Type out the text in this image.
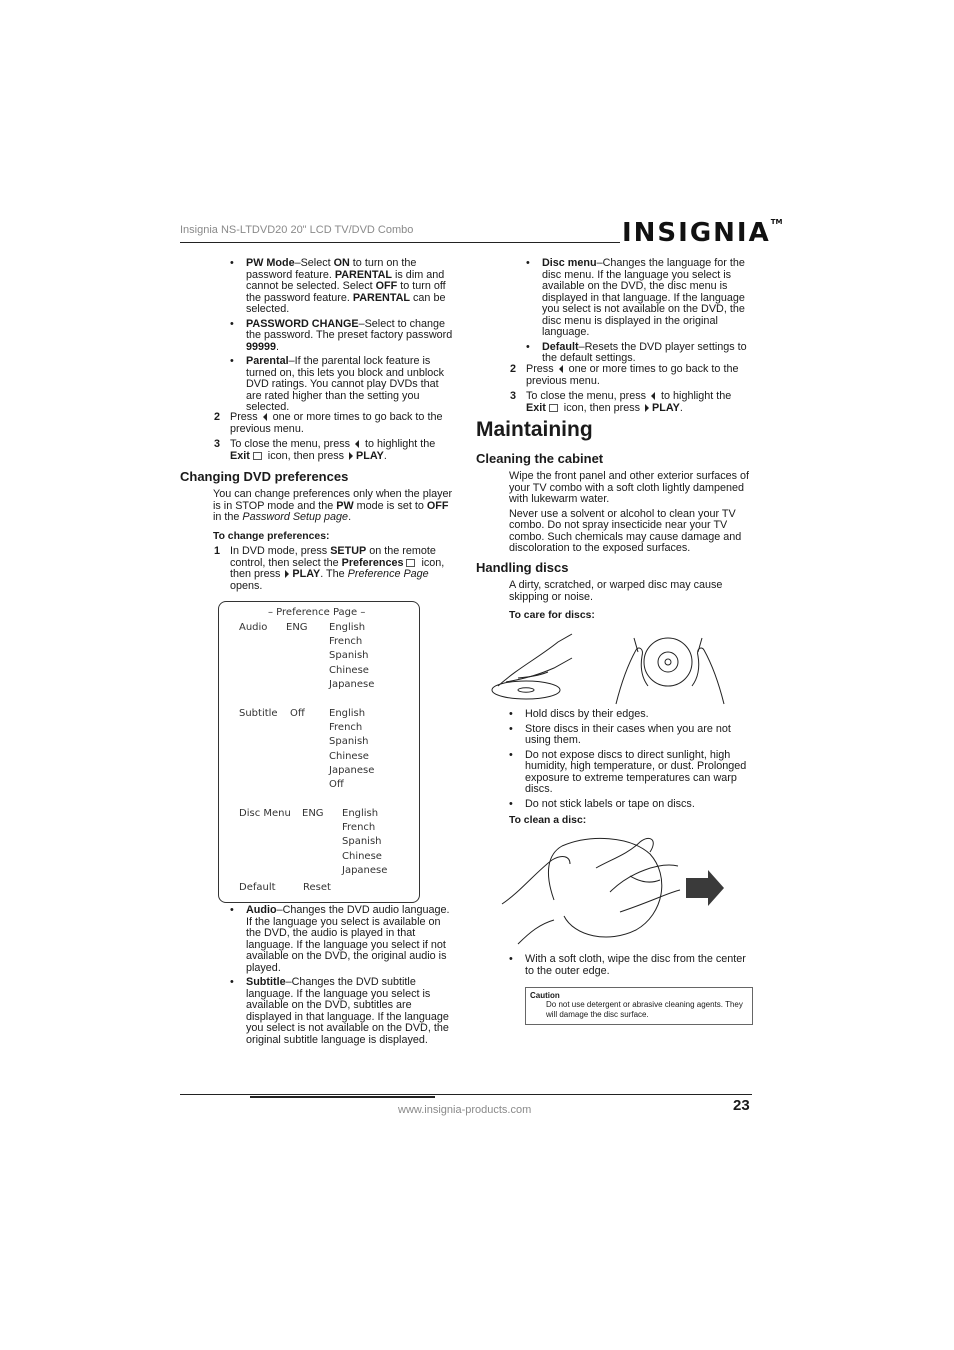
Insignia NS-LTDVD20 20" LCD TV/DVD Combo	INSIGNIA™
• PW Mode–Select ON to turn on the password feature. PARENTAL is dim and cannot be selected. Select OFF to turn off the password feature. PARENTAL can be selected.
• PASSWORD CHANGE–Select to change the password. The preset factory password 99999.
• Parental–If the parental lock feature is turned on, this lets you block and unblock DVD ratings. You cannot play DVDs that are rated higher than the setting you selected.
2 Press  one or more times to go back to the previous menu.
3 To close the menu, press  to highlight the Exit icon, then press PLAY.
Changing DVD preferences
You can change preferences only when the player is in STOP mode and the PW mode is set to OFF in the Password Setup page.
To change preferences:
1 In DVD mode, press SETUP on the remote control, then select the Preferences icon, then press PLAY. The Preference Page opens.
– Preference Page –
Audio ENG English
French
Spanish
Chinese
Japanese
Subtitle Off English
French
Spanish
Chinese
Japanese
Off
Disc Menu ENG English
French
Spanish
Chinese
Japanese
Default	Reset
• Audio–Changes the DVD audio language. If the language you select is available on the DVD, the audio is played in that language. If the language you select if not available on the DVD, the original audio is played.
• Subtitle–Changes the DVD subtitle language. If the language you select is available on the DVD, subtitles are displayed in that language. If the language you select is not available on the DVD, the original subtitle language is displayed.
• Disc menu–Changes the language for the disc menu. If the language you select is available on the DVD, the disc menu is displayed in that language. If the language you select is not available on the DVD, the disc menu is displayed in the original language.
• Default–Resets the DVD player settings to the default settings.
2 Press  one or more times to go back to the previous menu.
3 To close the menu, press  to highlight the Exit icon, then press PLAY.
Maintaining
Cleaning the cabinet

Wipe the front panel and other exterior surfaces of your TV combo with a soft cloth lightly dampened with lukewarm water.

Never use a solvent or alcohol to clean your TV combo. Do not spray insecticide near your TV combo. Such chemicals may cause damage and discoloration to the exposed surfaces.

Handling discs
A dirty, scratched, or warped disc may cause skipping or noise.
To care for discs:
• Hold discs by their edges.
• Store discs in their cases when you are not using them.
• Do not expose discs to direct sunlight, high humidity, high temperature, or dust. Prolonged exposure to extreme temperatures can warp discs.
• Do not stick labels or tape on discs.
To clean a disc:
• With a soft cloth, wipe the disc from the center to the outer edge.
Caution
Do not use detergent or abrasive cleaning agents. They will damage the disc surface.
www.insignia-products.com	23
